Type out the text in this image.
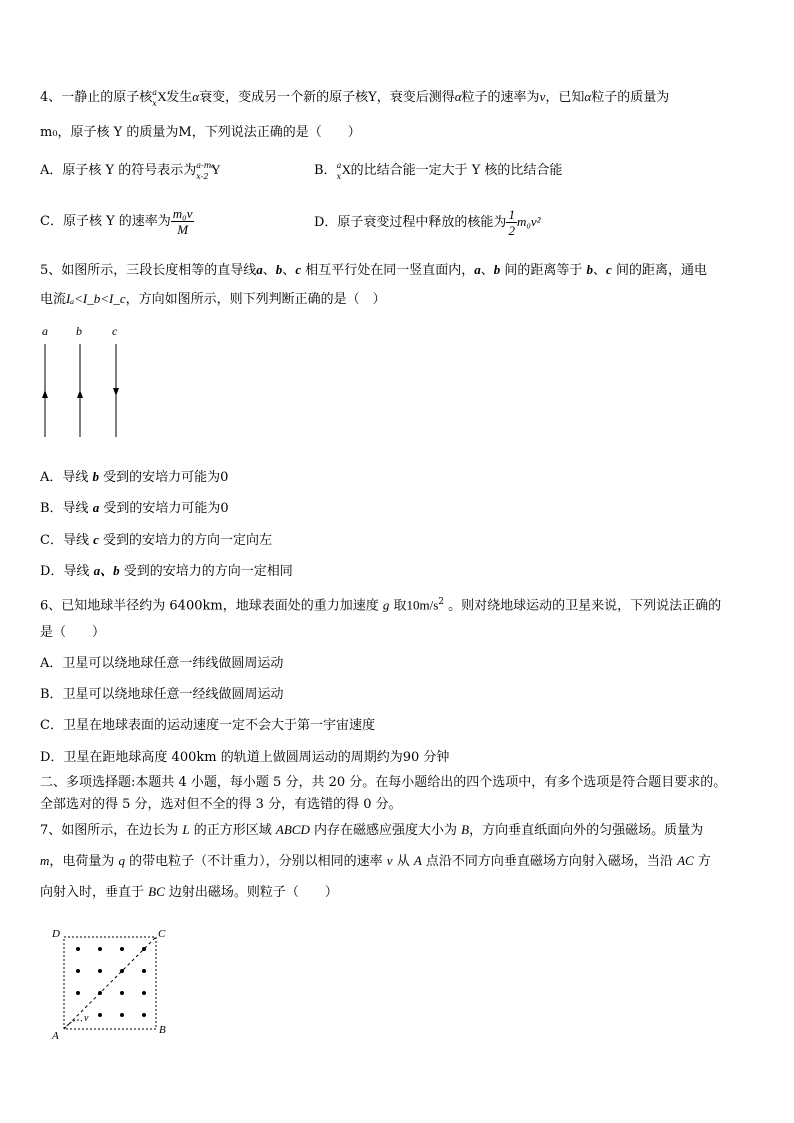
4、一静止的原子核 a
x X 发生α衰变，变成另一个新的原子核Y，衰变后测得α粒子的速率为v，已知α粒子的质量为
m₀，原子核 Y 的质量为M，下列说法正确的是（　　）
A．原子核 Y 的符号表示为 a-m₀
x-2 Y	B． a
x X 的比结合能一定大于 Y 核的比结合能
C．原子核 Y 的速率为 $\frac{\text{m₀v}}{M}$	D．原子衰变过程中释放的核能为 $\frac{1}{2} m_0v^2$
5、如图所示，三段长度相等的直导线a、b、c 相互平行处在同一竖直面内，a、b 间的距离等于 b、c 间的距离，通电
电流Iₐ<I_b<I_c，方向如图所示，则下列判断正确的是（　）
a b	c
A．导线 b 受到的安培力可能为0
B．导线 a 受到的安培力可能为0
C．导线 c 受到的安培力的方向一定向左
D．导线 a、b 受到的安培力的方向一定相同
6、已知地球半径约为 6400km，地球表面处的重力加速度 g 取$10m/s^2$ 。则对绕地球运动的卫星来说，下列说法正确的
是（　　）
A．卫星可以绕地球任意一纬线做圆周运动
B．卫星可以绕地球任意一经线做圆周运动
C．卫星在地球表面的运动速度一定不会大于第一宇宙速度
D．卫星在距地球高度 400km 的轨道上做圆周运动的周期约为90 分钟
二、多项选择题:本题共 4 小题，每小题 5 分，共 20 分。在每小题给出的四个选项中，有多个选项是符合题目要求的。
全部选对的得 5 分，选对但不全的得 3 分，有选错的得 0 分。
7、如图所示，在边长为 L 的正方形区域 ABCD 内存在磁感应强度大小为 B，方向垂直纸面向外的匀强磁场。质量为
m，电荷量为 q 的带电粒子（不计重力），分别以相同的速率 v 从 A 点沿不同方向垂直磁场方向射入磁场，当沿 AC 方
向射入时，垂直于 BC 边射出磁场。则粒子（　　）
D	C
A	B
v
